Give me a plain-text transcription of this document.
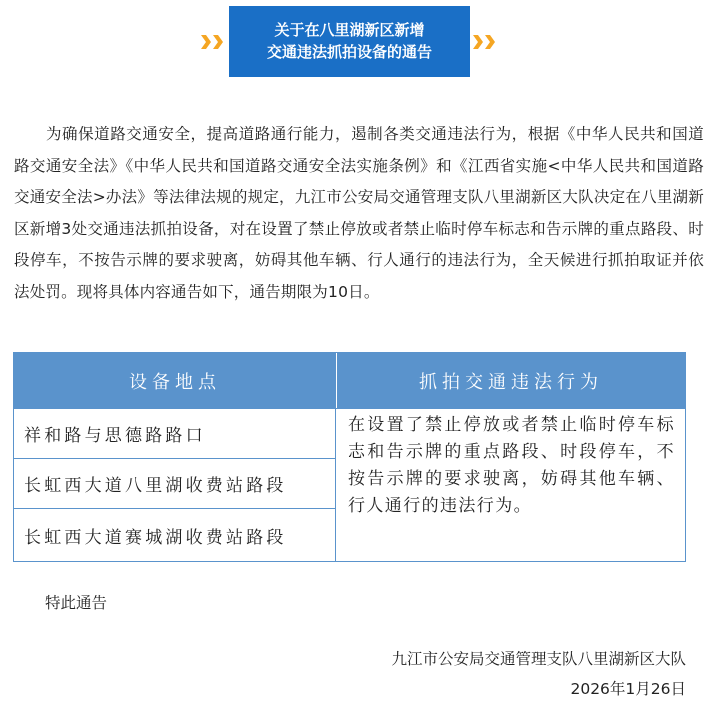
关于在八里湖新区新增
交通违法抓拍设备的通告

为确保道路交通安全，提高道路通行能力，遏制各类交通违法行为，根据《中华人民共和国道路交通安全法》《中华人民共和国道路交通安全法实施条例》和《江西省实施<中华人民共和国道路交通安全法>办法》等法律法规的规定，九江市公安局交通管理支队八里湖新区大队决定在八里湖新区新增3处交通违法抓拍设备，对在设置了禁止停放或者禁止临时停车标志和告示牌的重点路段、时段停车，不按告示牌的要求驶离，妨碍其他车辆、行人通行的违法行为，全天候进行抓拍取证并依法处罚。现将具体内容通告如下，通告期限为10日。

设备地点	抓拍交通违法行为
祥和路与思德路路口
长虹西大道八里湖收费站路段
长虹西大道赛城湖收费站路段
在设置了禁止停放或者禁止临时停车标志和告示牌的重点路段、时段停车，不按告示牌的要求驶离，妨碍其他车辆、行人通行的违法行为。

特此通告

九江市公安局交通管理支队八里湖新区大队
2026年1月26日
